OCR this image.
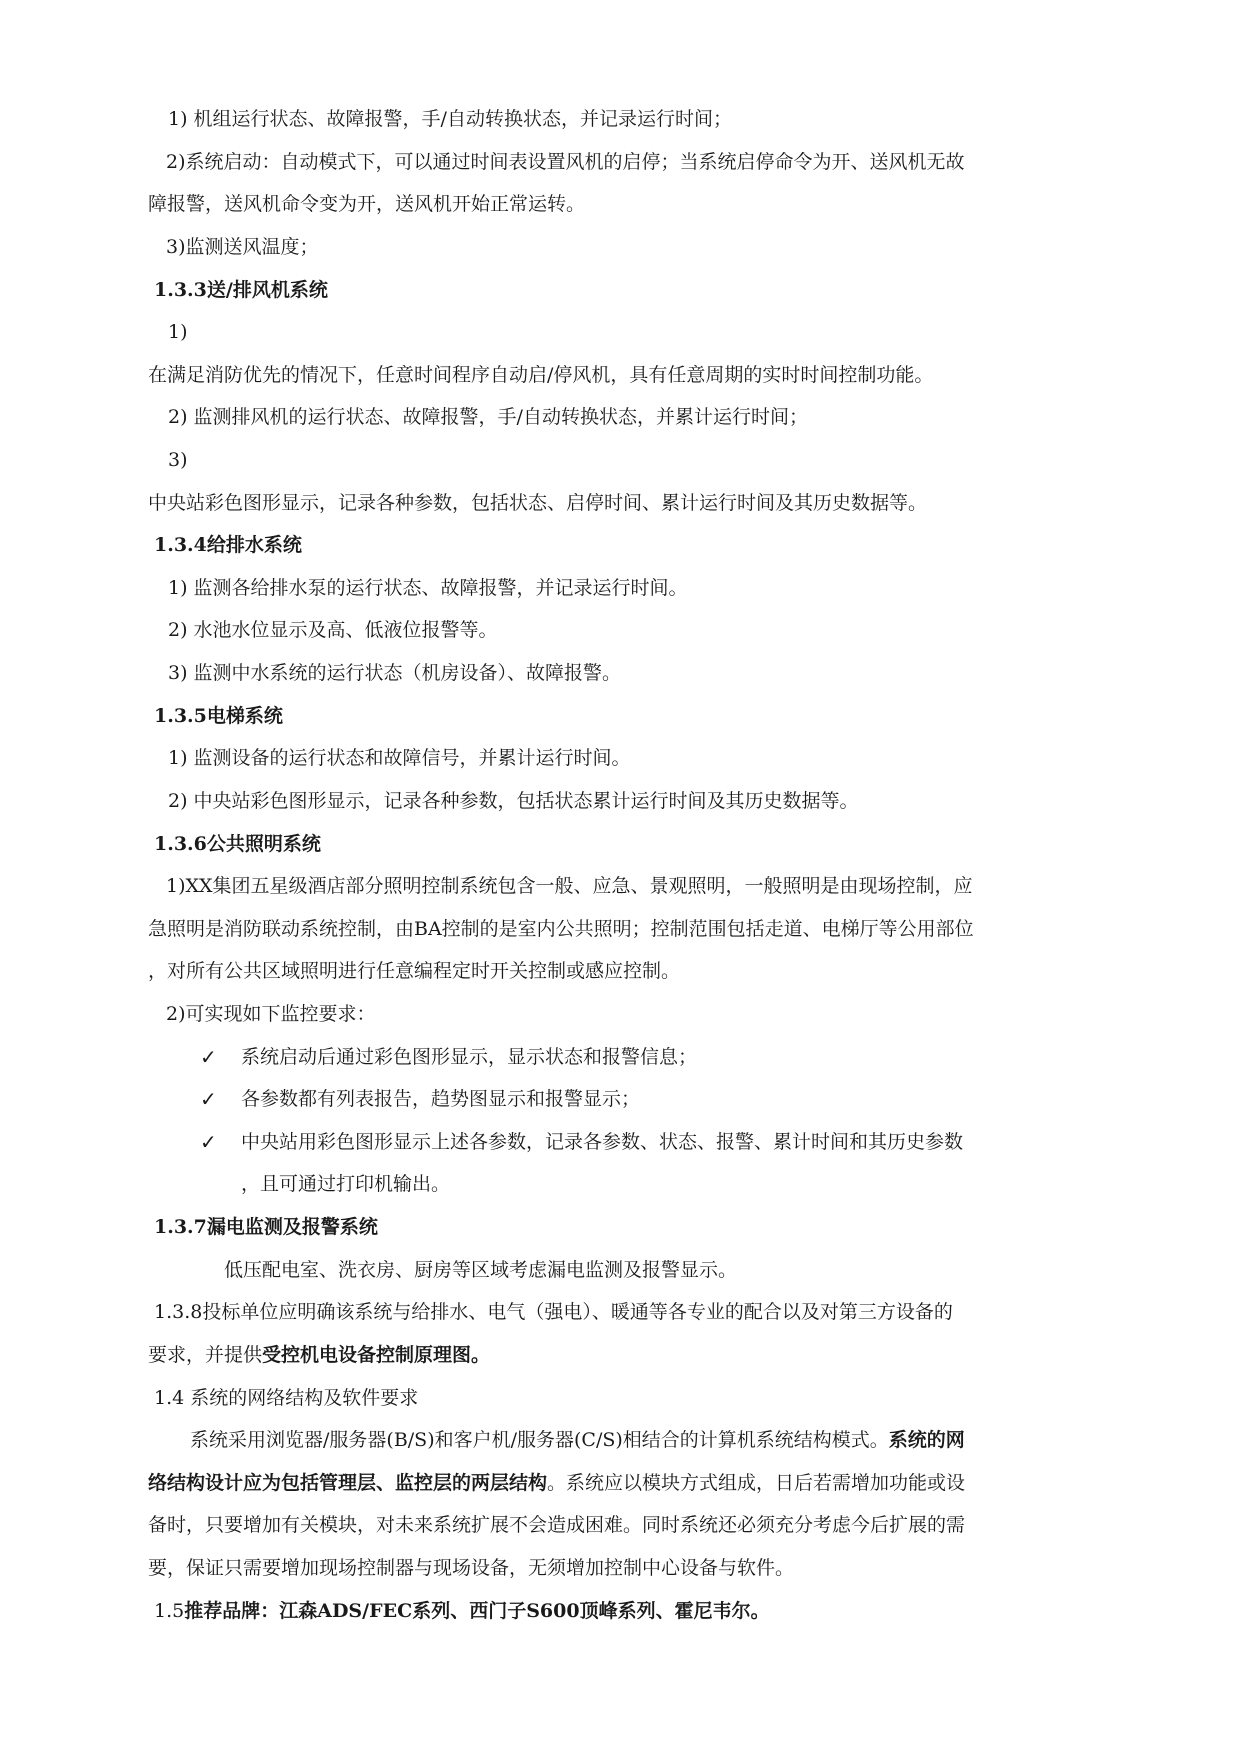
1) 机组运行状态、故障报警，手/自动转换状态，并记录运行时间；
2)系统启动：自动模式下，可以通过时间表设置风机的启停；当系统启停命令为开、送风机无故
障报警，送风机命令变为开，送风机开始正常运转。
3)监测送风温度；
1.3.3送/排风机系统
1)
在满足消防优先的情况下，任意时间程序自动启/停风机，具有任意周期的实时时间控制功能。
2) 监测排风机的运行状态、故障报警，手/自动转换状态，并累计运行时间；
3)
中央站彩色图形显示，记录各种参数，包括状态、启停时间、累计运行时间及其历史数据等。
1.3.4给排水系统
1) 监测各给排水泵的运行状态、故障报警，并记录运行时间。
2) 水池水位显示及高、低液位报警等。
3) 监测中水系统的运行状态（机房设备）、故障报警。
1.3.5电梯系统
1) 监测设备的运行状态和故障信号，并累计运行时间。
2) 中央站彩色图形显示，记录各种参数，包括状态累计运行时间及其历史数据等。
1.3.6公共照明系统
1)XX集团五星级酒店部分照明控制系统包含一般、应急、景观照明，一般照明是由现场控制，应
急照明是消防联动系统控制，由BA控制的是室内公共照明；控制范围包括走道、电梯厅等公用部位
，对所有公共区域照明进行任意编程定时开关控制或感应控制。
2)可实现如下监控要求：
✓	系统启动后通过彩色图形显示，显示状态和报警信息；
✓	各参数都有列表报告，趋势图显示和报警显示；
✓	中央站用彩色图形显示上述各参数，记录各参数、状态、报警、累计时间和其历史参数
，且可通过打印机输出。
1.3.7漏电监测及报警系统
低压配电室、洗衣房、厨房等区域考虑漏电监测及报警显示。
1.3.8投标单位应明确该系统与给排水、电气（强电）、暖通等各专业的配合以及对第三方设备的
要求，并提供受控机电设备控制原理图。
1.4 系统的网络结构及软件要求
系统采用浏览器/服务器(B/S)和客户机/服务器(C/S)相结合的计算机系统结构模式。系统的网
络结构设计应为包括管理层、监控层的两层结构。系统应以模块方式组成，日后若需增加功能或设
备时，只要增加有关模块，对未来系统扩展不会造成困难。同时系统还必须充分考虑今后扩展的需
要，保证只需要增加现场控制器与现场设备，无须增加控制中心设备与软件。
1.5推荐品牌：江森ADS/FEC系列、西门子S600顶峰系列、霍尼韦尔。
